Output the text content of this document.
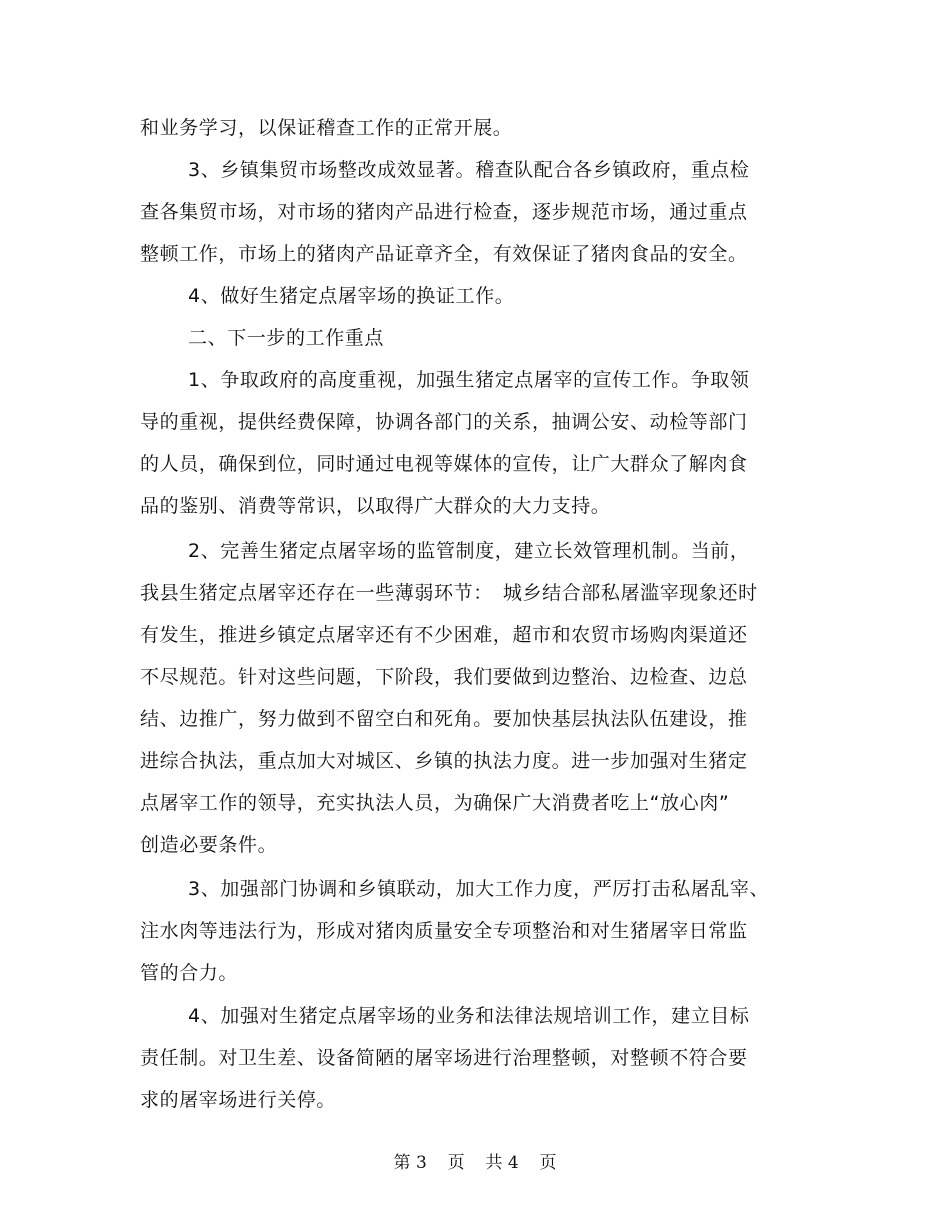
和业务学习，以保证稽查工作的正常开展。
3、乡镇集贸市场整改成效显著。稽查队配合各乡镇政府，重点检
查各集贸市场，对市场的猪肉产品进行检查，逐步规范市场，通过重点
整顿工作，市场上的猪肉产品证章齐全，有效保证了猪肉食品的安全。
4、做好生猪定点屠宰场的换证工作。
二、下一步的工作重点
1、争取政府的高度重视，加强生猪定点屠宰的宣传工作。争取领
导的重视，提供经费保障，协调各部门的关系，抽调公安、动检等部门
的人员，确保到位，同时通过电视等媒体的宣传，让广大群众了解肉食
品的鉴别、消费等常识，以取得广大群众的大力支持。
2、完善生猪定点屠宰场的监管制度，建立长效管理机制。当前，
我县生猪定点屠宰还存在一些薄弱环节：　城乡结合部私屠滥宰现象还时
有发生，推进乡镇定点屠宰还有不少困难，超市和农贸市场购肉渠道还
不尽规范。针对这些问题，下阶段，我们要做到边整治、边检查、边总
结、边推广，努力做到不留空白和死角。要加快基层执法队伍建设，推
进综合执法，重点加大对城区、乡镇的执法力度。进一步加强对生猪定
点屠宰工作的领导，充实执法人员，为确保广大消费者吃上“放心肉”
创造必要条件。
3、加强部门协调和乡镇联动，加大工作力度，严厉打击私屠乱宰、
注水肉等违法行为，形成对猪肉质量安全专项整治和对生猪屠宰日常监
管的合力。
4、加强对生猪定点屠宰场的业务和法律法规培训工作，建立目标
责任制。对卫生差、设备简陋的屠宰场进行治理整顿，对整顿不符合要
求的屠宰场进行关停。
第 3 页 共 4 页
